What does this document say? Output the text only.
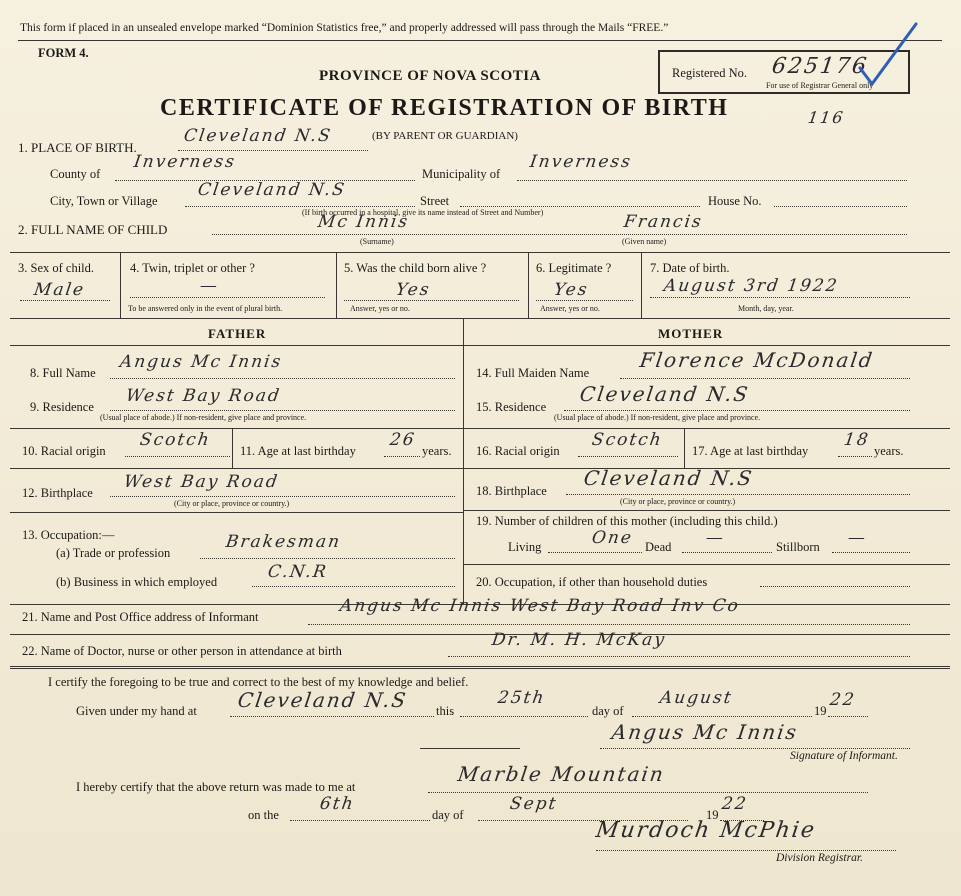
This form if placed in an unsealed envelope marked “Dominion Statistics free,” and properly addressed will pass through the Mails “FREE.”
FORM 4.
PROVINCE OF NOVA SCOTIA
CERTIFICATE OF REGISTRATION OF BIRTH
Registered No. 625176
For use of Registrar General only
116
1. PLACE OF BIRTH.
Cleveland N.S	(BY PARENT OR GUARDIAN)
County of
Inverness
Municipality of
Inverness
City, Town or Village
Cleveland N.S
Street	House No.
(If birth occurred in a hospital, give its name instead of Street and Number)
2. FULL NAME OF CHILD	Mc Innis	Francis
(Surname)	(Given name)
3. Sex of child.
Male
4. Twin, triplet or other ?
—
To be answered only in the event of plural birth.
5. Was the child born alive ?
Yes
Answer, yes or no.
6. Legitimate ?
Yes
Answer, yes or no.
7. Date of birth.
August 3rd 1922
Month, day, year.
FATHER	MOTHER
8. Full Name
Angus Mc Innis
9. Residence
West Bay Road
(Usual place of abode.) If non-resident, give place and province.
10. Racial origin
Scotch
11. Age at last birthday
26
years.
12. Birthplace
West Bay Road
(City or place, province or country.)
13. Occupation:—
(a) Trade or profession
Brakesman
(b) Business in which employed	C.N.R
14. Full Maiden Name
Florence McDonald
15. Residence
Cleveland N.S
(Usual place of abode.) If non-resident, give place and province.
16. Racial origin
Scotch
17. Age at last birthday
18
years.
18. Birthplace
Cleveland N.S
(City or place, province or country.)
19. Number of children of this mother (including this child.)
Living	One Dead —	Stillborn —
20. Occupation, if other than household duties
21. Name and Post Office address of Informant
Angus Mc Innis West Bay Road Inv Co
22. Name of Doctor, nurse or other person in attendance at birth
Dr. M. H. McKay
I certify the foregoing to be true and correct to the best of my knowledge and belief.
Given under my hand at Cleveland N.S this
25th
day of
August
19
22
Angus Mc Innis
Signature of Informant.
I hereby certify that the above return was made to me at
Marble Mountain
on the
6th
day of
Sept
19
22
Murdoch McPhie
Division Registrar.
